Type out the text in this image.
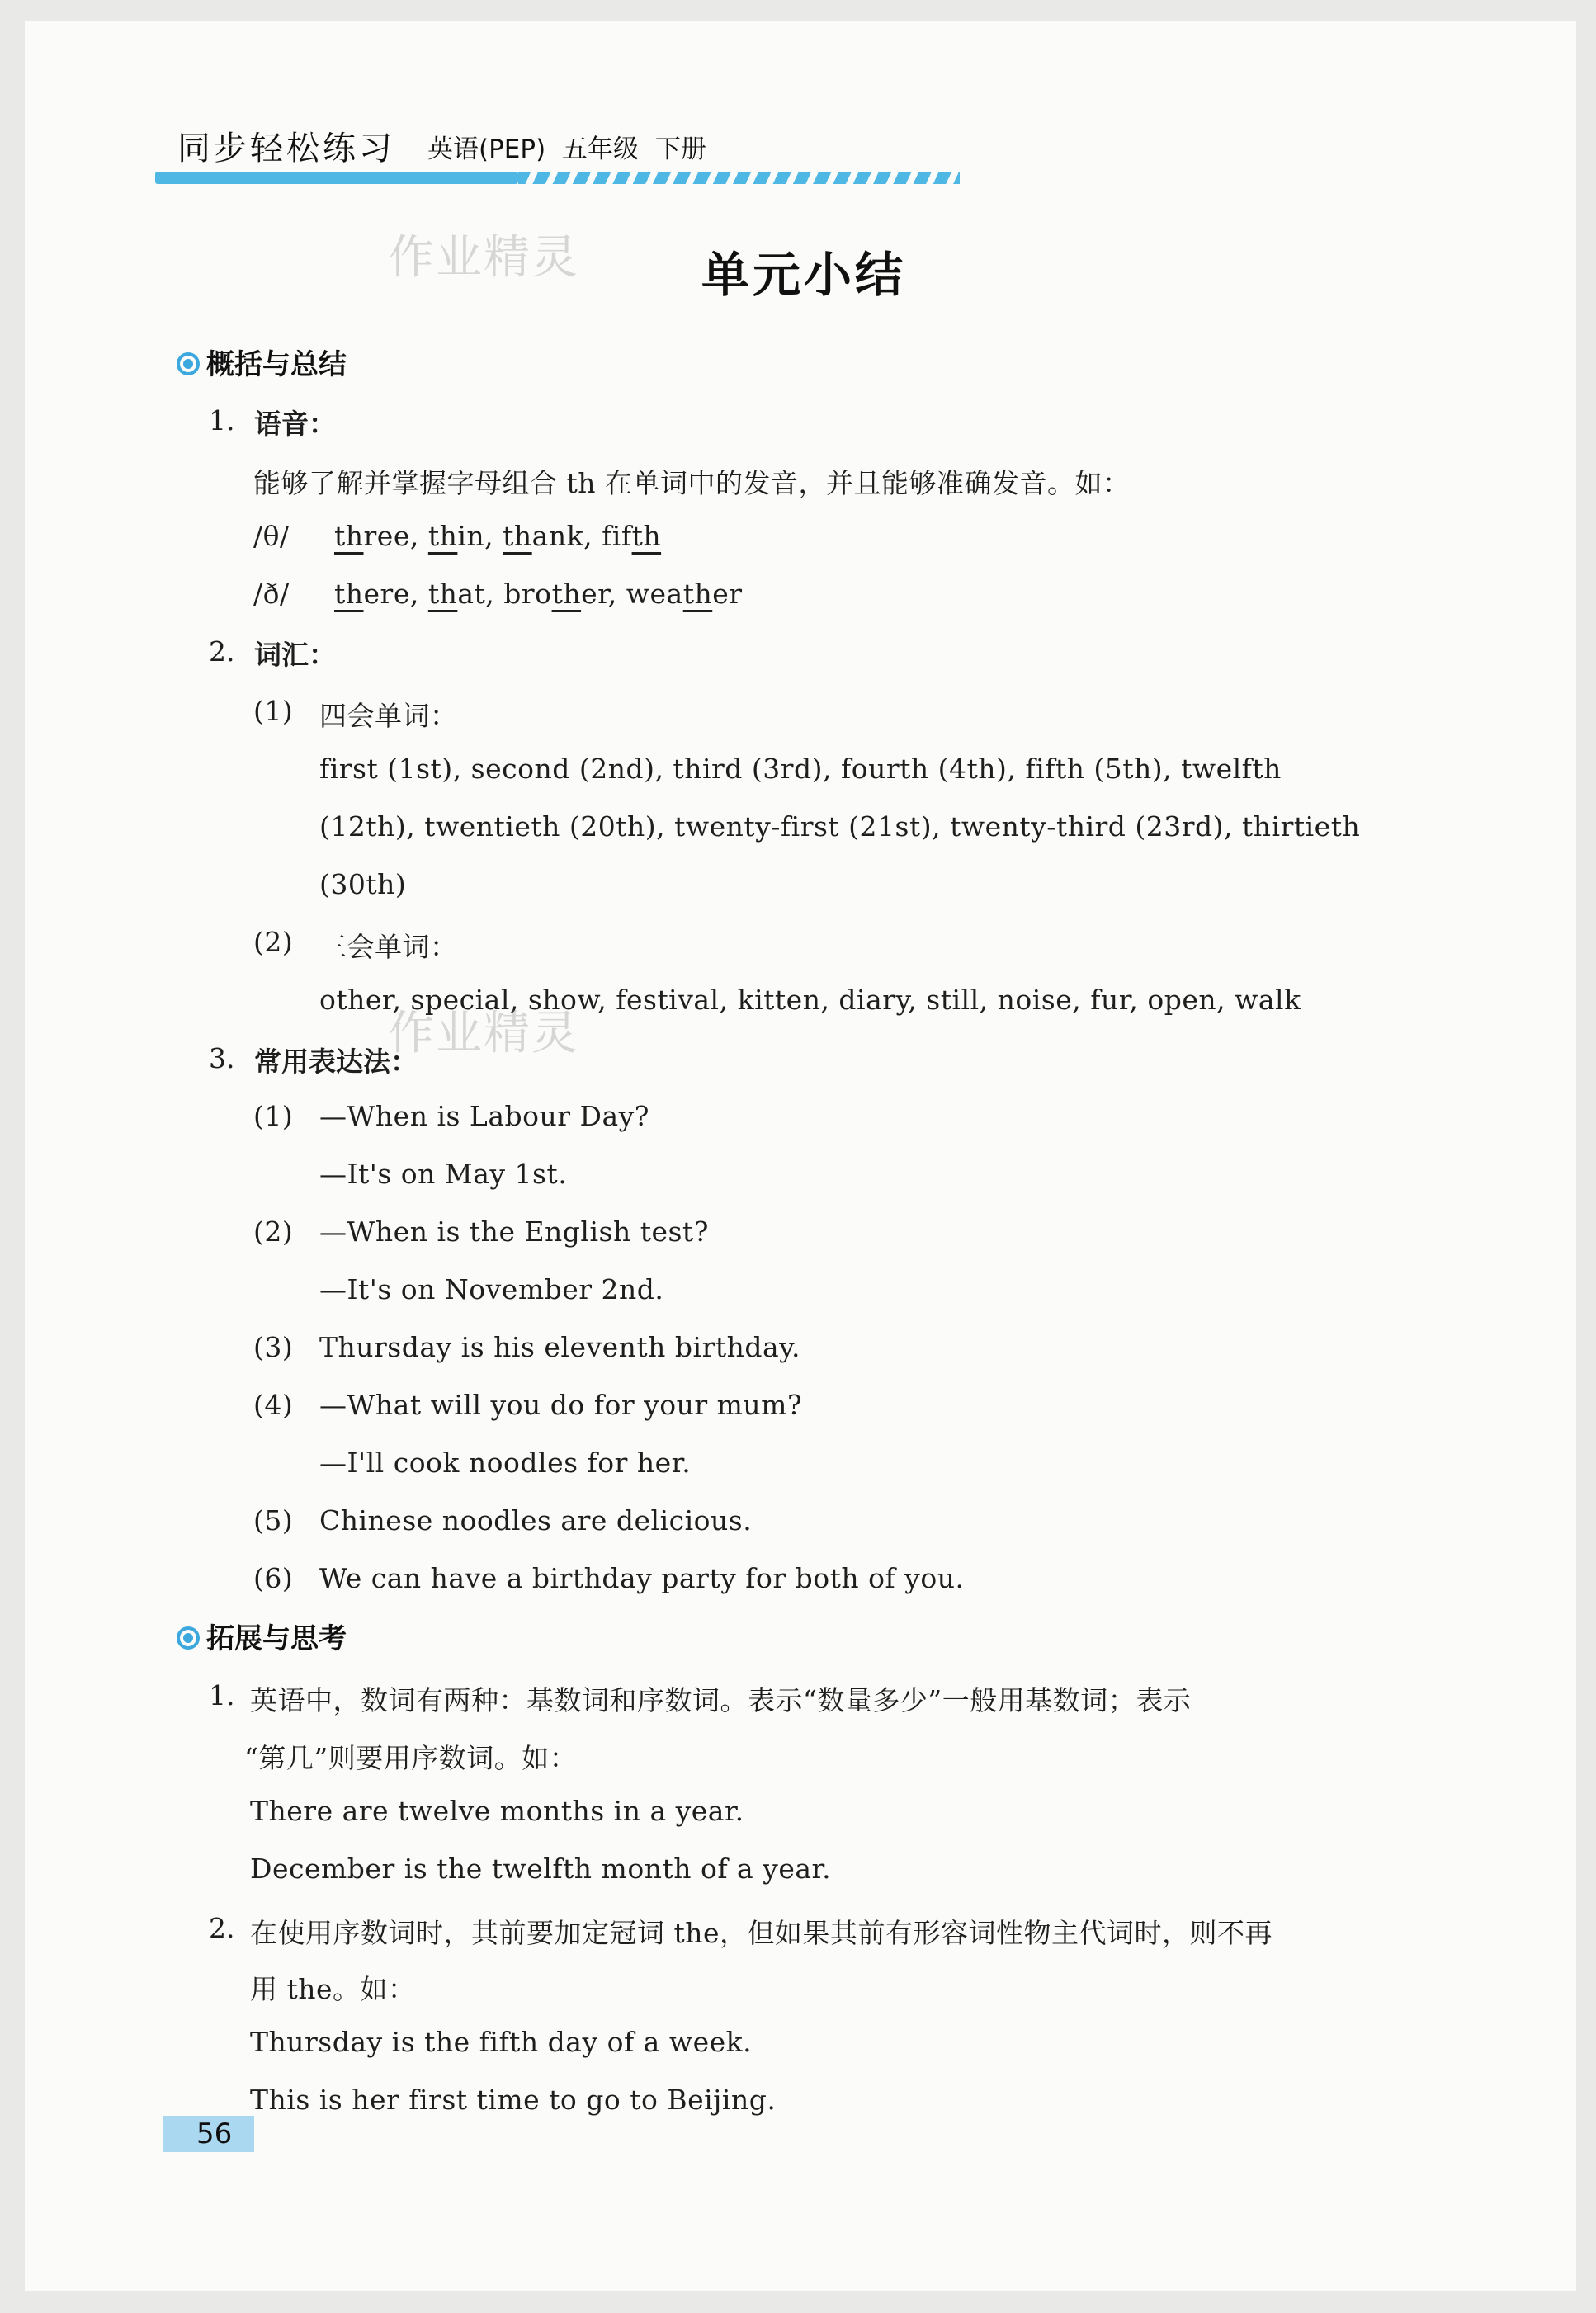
同步轻松练习 英语(PEP) 五年级 下册
作业精灵	单元小结
概括与总结
1. 语音：
能够了解并掌握字母组合 th 在单词中的发音，并且能够准确发音。如：
/θ/ three, thin, thank, fifth
/ð/ there, that, brother, weather
2. 词汇：
(1) 四会单词：
first (1st), second (2nd), third (3rd), fourth (4th), fifth (5th), twelfth
(12th), twentieth (20th), twenty-first (21st), twenty-third (23rd), thirtieth
(30th)
(2) 三会单词：
other, special, show, festival, kitten, diary, still, noise, fur, open, walk
作业精灵
3. 常用表达法：
(1) —When is Labour Day?
—It's on May 1st.
(2) —When is the English test?
—It's on November 2nd.
(3) Thursday is his eleventh birthday.
(4) —What will you do for your mum?
—I'll cook noodles for her.
(5) Chinese noodles are delicious.
(6) We can have a birthday party for both of you.
拓展与思考
1. 英语中，数词有两种：基数词和序数词。表示“数量多少”一般用基数词；表示
“第几”则要用序数词。如：
There are twelve months in a year.
December is the twelfth month of a year.
2. 在使用序数词时，其前要加定冠词 the，但如果其前有形容词性物主代词时，则不再
用 the。如：
Thursday is the fifth day of a week.
This is her first time to go to Beijing.
56
